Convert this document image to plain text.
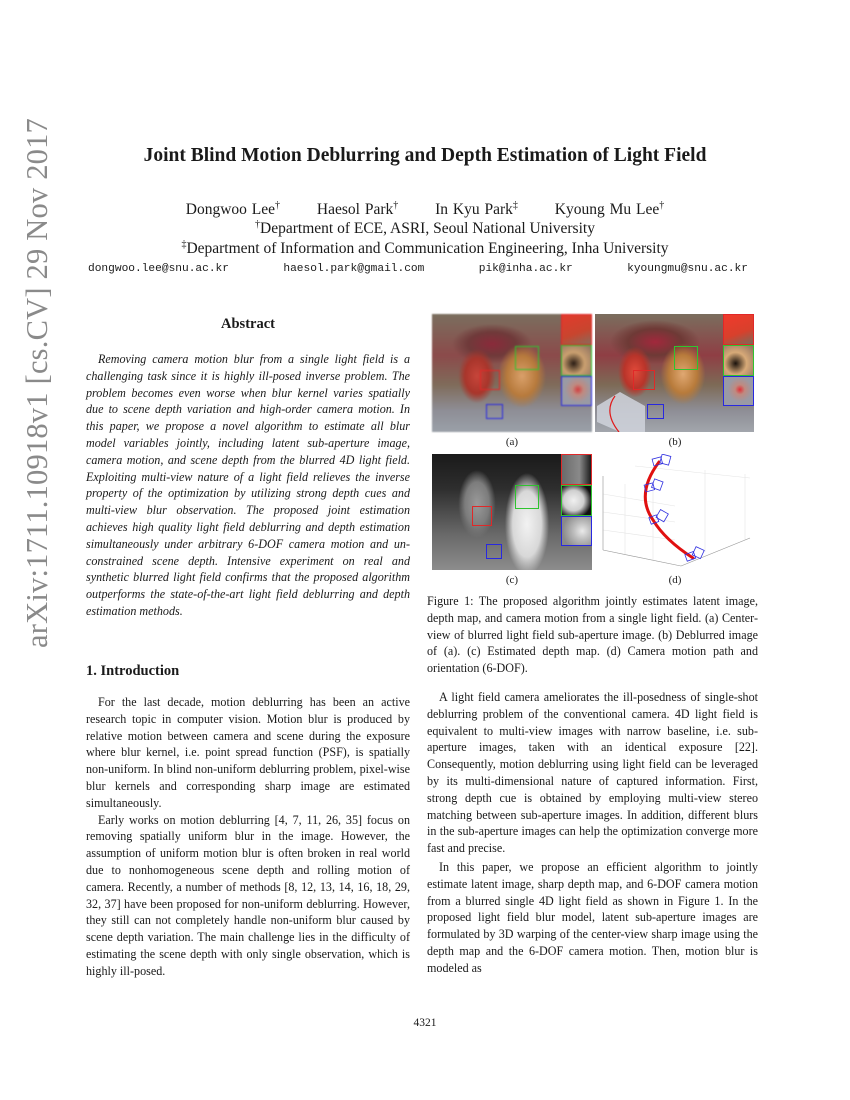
arXiv:1711.10918v1 [cs.CV] 29 Nov 2017	Joint Blind Motion Deblurring and Depth Estimation of Light Field
Dongwoo Lee† Haesol Park† In Kyu Park‡ Kyoung Mu Lee†
†Department of ECE, ASRI, Seoul National University
‡Department of Information and Communication Engineering, Inha University
dongwoo.lee@snu.ac.kr	haesol.park@gmail.com	pik@inha.ac.kr	kyoungmu@snu.ac.kr
Abstract
Removing camera motion blur from a single light field is a challenging task since it is highly ill-posed inverse problem. The problem becomes even worse when blur kernel varies spatially due to scene depth variation and high-order camera motion. In this paper, we propose a novel algorithm to estimate all blur model variables jointly, including latent sub-aperture image, camera motion, and scene depth from the blurred 4D light field. Exploiting multi-view nature of a light field relieves the inverse property of the optimization by utilizing strong depth cues and multi-view blur observation. The proposed joint estimation achieves high quality light field deblurring and depth estimation simultaneously under arbitrary 6-DOF camera motion and unconstrained scene depth. Intensive experiment on real and synthetic blurred light field confirms that the proposed algorithm outperforms the state-of-the-art light field deblurring and depth estimation methods.
1. Introduction

For the last decade, motion deblurring has been an active research topic in computer vision. Motion blur is produced by relative motion between camera and scene during the exposure where blur kernel, i.e. point spread function (PSF), is spatially non-uniform. In blind non-uniform deblurring problem, pixel-wise blur kernels and corresponding sharp image are estimated simultaneously.

Early works on motion deblurring [4, 7, 11, 26, 35] focus on removing spatially uniform blur in the image. However, the assumption of uniform motion blur is often broken in real world due to nonhomogeneous scene depth and rolling motion of camera. Recently, a number of methods [8, 12, 13, 14, 16, 18, 29, 32, 37] have been proposed for non-uniform deblurring. However, they still can not completely handle non-uniform blur caused by scene depth variation. The main challenge lies in the difficulty of estimating the scene depth with only single observation, which is highly ill-posed.

(a)	(b)
(c)	(d)
Figure 1: The proposed algorithm jointly estimates latent image, depth map, and camera motion from a single light field. (a) Center-view of blurred light field sub-aperture image. (b) Deblurred image of (a). (c) Estimated depth map. (d) Camera motion path and orientation (6-DOF).

A light field camera ameliorates the ill-posedness of single-shot deblurring problem of the conventional camera. 4D light field is equivalent to multi-view images with narrow baseline, i.e. sub-aperture images, taken with an identical exposure [22]. Consequently, motion deblurring using light field can be leveraged by its multi-dimensional nature of captured information. First, strong depth cue is obtained by employing multi-view stereo matching between sub-aperture images. In addition, different blurs in the sub-aperture images can help the optimization converge more fast and precise.

In this paper, we propose an efficient algorithm to jointly estimate latent image, sharp depth map, and 6-DOF camera motion from a blurred single 4D light field as shown in Figure 1. In the proposed light field blur model, latent sub-aperture images are formulated by 3D warping of the center-view sharp image using the depth map and the 6-DOF camera motion. Then, motion blur is modeled as

4321
